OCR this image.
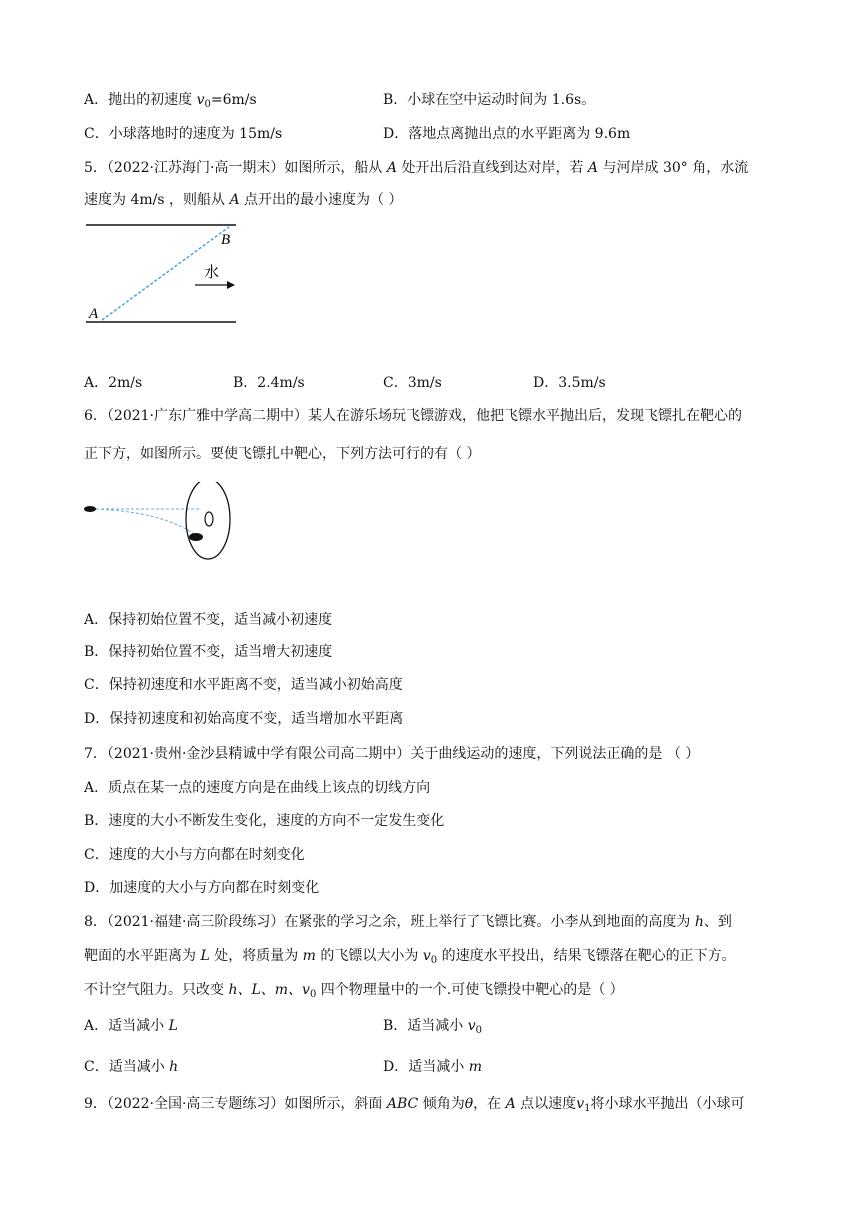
A．抛出的初速度 $v_0=6m/s$	B．小球在空中运动时间为 1.6s。
C．小球落地时的速度为 15m/s	D．落地点离抛出点的水平距离为 9.6m
5．（2022·江苏海门·高一期末）如图所示，船从 A 处开出后沿直线到达对岸，若 A 与河岸成 30° 角，水流
速度为 4m/s ，则船从 A 点开出的最小速度为（ ）
B
A
水
A．2m/s	B．2.4m/s	C．3m/s	D．3.5m/s
6．（2021·广东广雅中学高二期中）某人在游乐场玩飞镖游戏，他把飞镖水平抛出后，发现飞镖扎在靶心的
正下方，如图所示。要使飞镖扎中靶心，下列方法可行的有（ ）
A．保持初始位置不变，适当减小初速度
B．保持初始位置不变，适当增大初速度
C．保持初速度和水平距离不变，适当减小初始高度
D．保持初速度和初始高度不变，适当增加水平距离
7．（2021·贵州·金沙县精诚中学有限公司高二期中）关于曲线运动的速度，下列说法正确的是 （ ）
A．质点在某一点的速度方向是在曲线上该点的切线方向
B．速度的大小不断发生变化，速度的方向不一定发生变化
C．速度的大小与方向都在时刻变化
D．加速度的大小与方向都在时刻变化
8．（2021·福建·高三阶段练习）在紧张的学习之余，班上举行了飞镖比赛。小李从到地面的高度为 h、到
靶面的水平距离为 L 处，将质量为 m 的飞镖以大小为 $v_0$ 的速度水平投出，结果飞镖落在靶心的正下方。
不计空气阻力。只改变 h、L、m、$v_0$ 四个物理量中的一个.可使飞镖投中靶心的是（ ）
A．适当减小 L	B．适当减小 $v_0$
C．适当减小 h	D．适当减小 m
9．（2022·全国·高三专题练习）如图所示，斜面 ABC 倾角为θ，在 A 点以速度$v_1$将小球水平抛出（小球可
